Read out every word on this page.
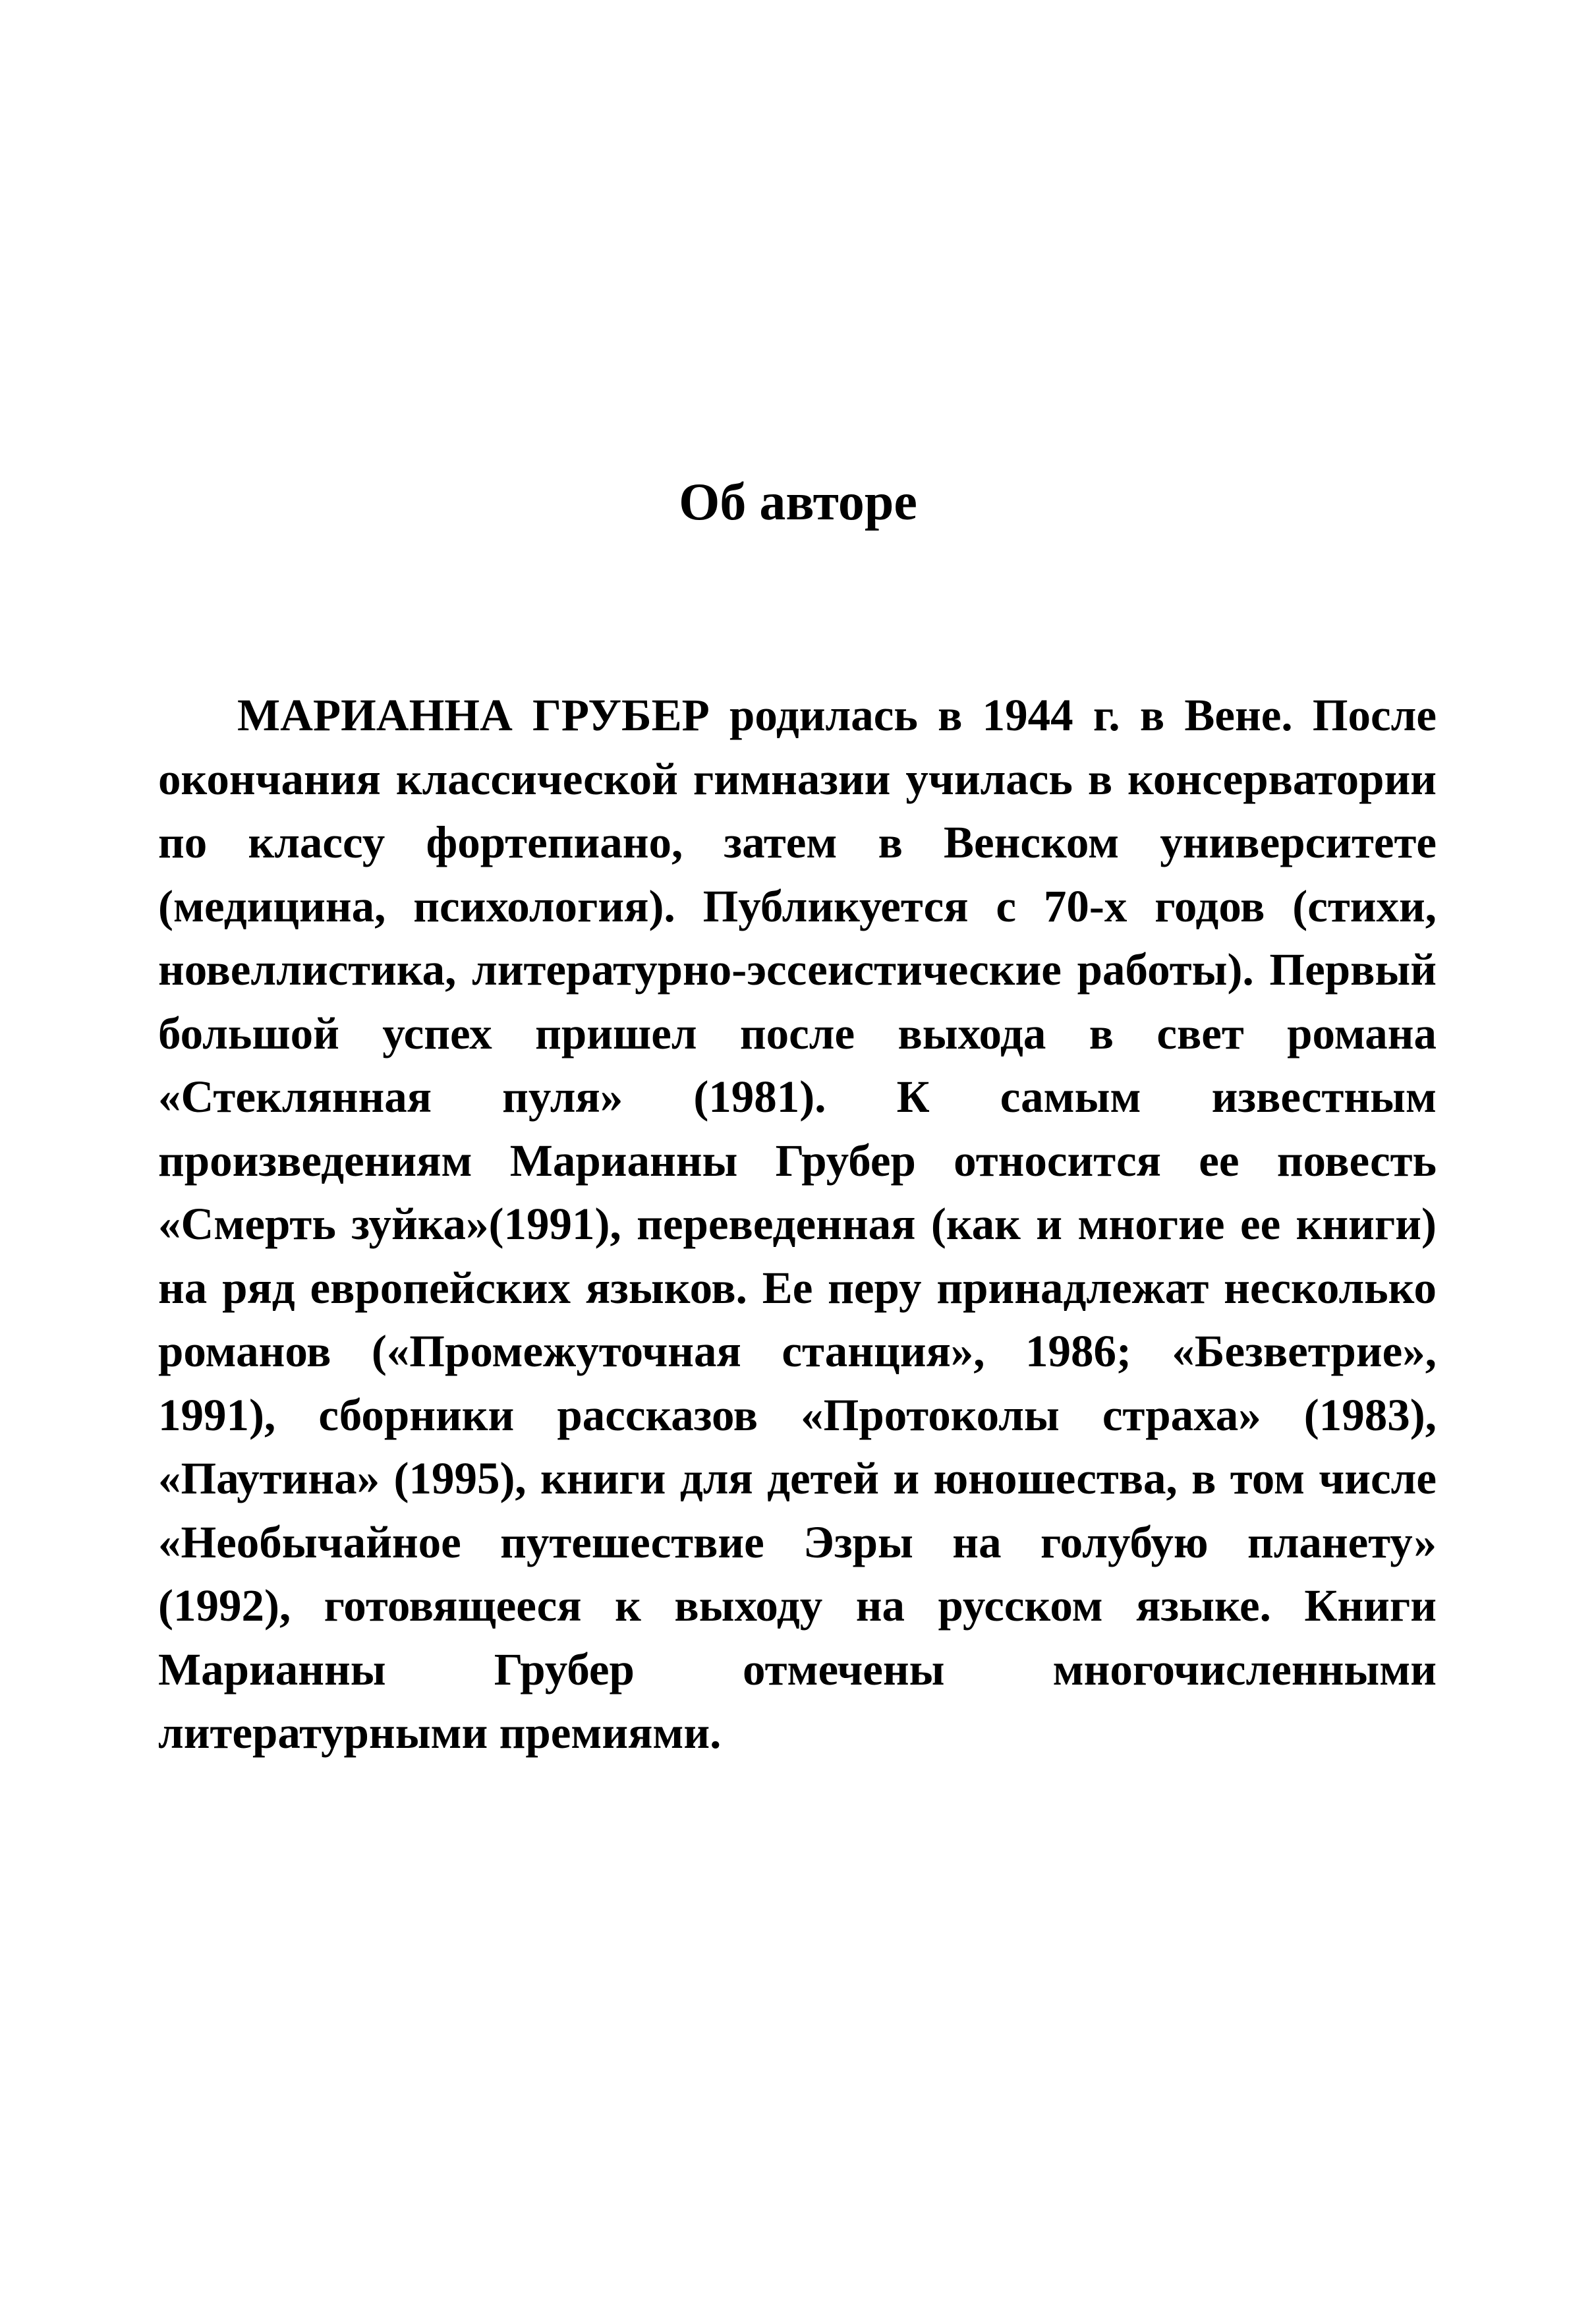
Об авторе

МАРИАННА ГРУБЕР родилась в 1944 г. в Вене. После окончания классической гимназии училась в консерватории по классу фортепиано, затем в Венском университете (медицина, психология). Публикуется с 70-х годов (стихи, новеллистика, литературно-эссеистические работы). Первый большой успех пришел после выхода в свет романа «Стеклянная пуля» (1981). К самым известным произведениям Марианны Грубер относится ее повесть «Смерть зуйка»(1991), переведенная (как и многие ее книги) на ряд европейских языков. Ее перу принадлежат несколько романов («Промежуточная станция», 1986; «Безветрие», 1991), сборники рассказов «Протоколы страха» (1983), «Паутина» (1995), книги для детей и юношества, в том числе «Необычайное путешествие Эзры на голубую планету» (1992), готовящееся к выходу на русском языке. Книги Марианны Грубер отмечены многочисленными литературными премиями.
